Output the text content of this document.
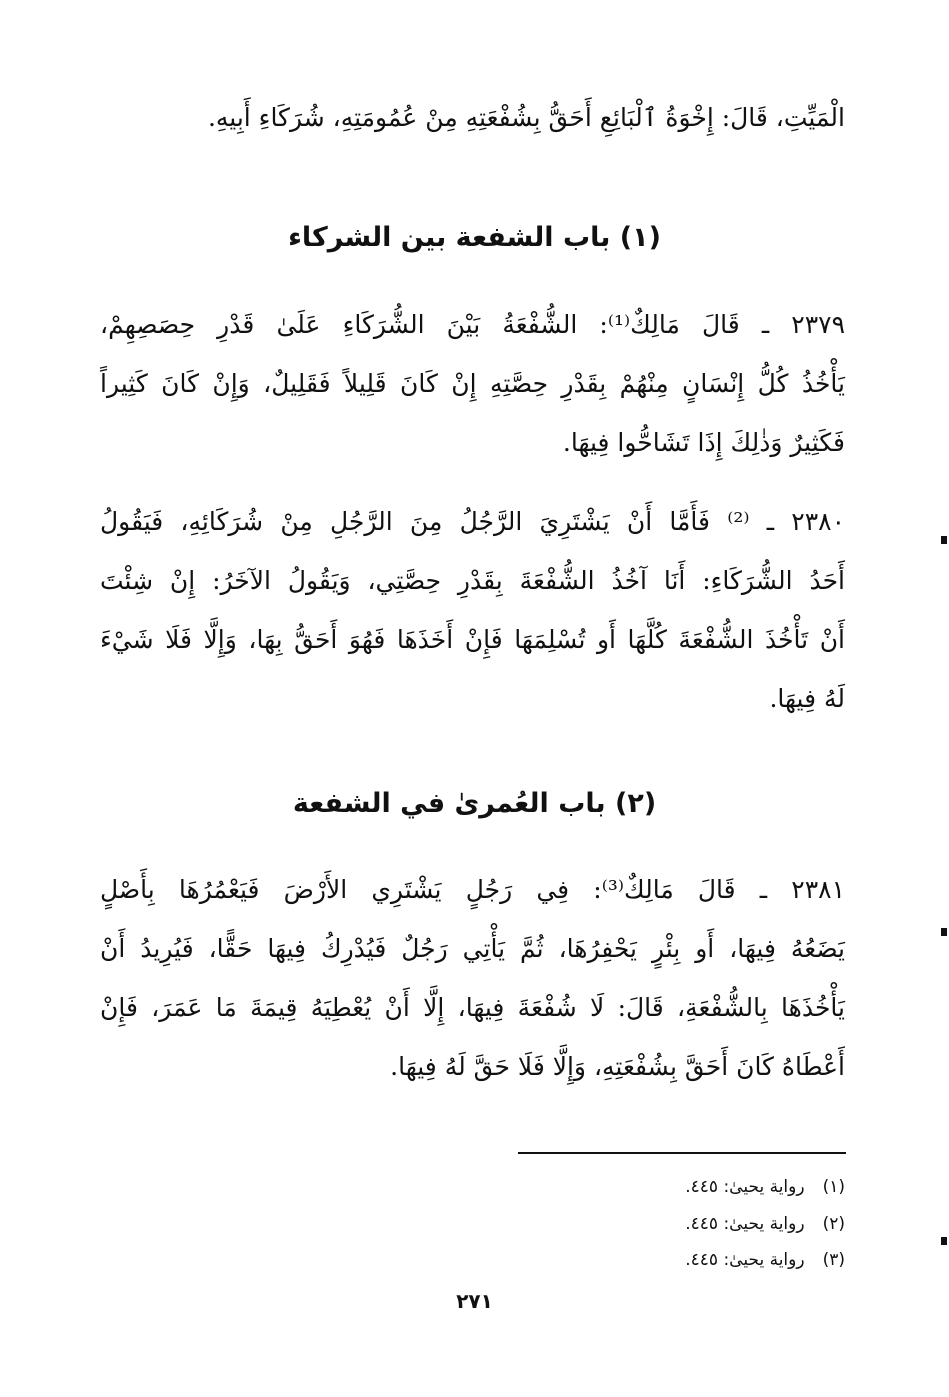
الْمَيِّتِ، قَالَ: إِخْوَةُ ٱلْبَائِعِ أَحَقُّ بِشُفْعَتِهِ مِنْ عُمُومَتِهِ، شُرَكَاءِ أَبِيهِ.
(١) باب الشفعة بين الشركاء
٢٣٧٩ ـ قَالَ مَالِكٌ⁽¹⁾: الشُّفْعَةُ بَيْنَ الشُّرَكَاءِ عَلَىٰ قَدْرِ حِصَصِهِمْ،
يَأْخُذُ كُلُّ إِنْسَانٍ مِنْهُمْ بِقَدْرِ حِصَّتِهِ إِنْ كَانَ قَلِيلاً فَقَلِيلٌ، وَإِنْ كَانَ كَثِيراً
فَكَثِيرٌ وَذٰلِكَ إِذَا تَشَاحُّوا فِيهَا.
٢٣٨٠ ـ ⁽²⁾ فَأَمَّا أَنْ يَشْتَرِيَ الرَّجُلُ مِنَ الرَّجُلِ مِنْ شُرَكَائِهِ، فَيَقُولُ
أَحَدُ الشُّرَكَاءِ: أَنَا آخُذُ الشُّفْعَةَ بِقَدْرِ حِصَّتِي، وَيَقُولُ الآخَرُ: إِنْ شِئْتَ
أَنْ تَأْخُذَ الشُّفْعَةَ كُلَّهَا أَو تُسْلِمَهَا فَإِنْ أَخَذَهَا فَهُوَ أَحَقُّ بِهَا، وَإِلَّا فَلَا شَيْءَ
لَهُ فِيهَا.
(٢) باب العُمرىٰ في الشفعة
٢٣٨١ ـ قَالَ مَالِكٌ⁽³⁾: فِي رَجُلٍ يَشْتَرِي الأَرْضَ فَيَعْمُرُهَا بِأَصْلٍ
يَضَعُهُ فِيهَا، أَو بِئْرٍ يَحْفِرُهَا، ثُمَّ يَأْتِي رَجُلٌ فَيُدْرِكُ فِيهَا حَقًّا، فَيُرِيدُ أَنْ
يَأْخُذَهَا بِالشُّفْعَةِ، قَالَ: لَا شُفْعَةَ فِيهَا، إِلَّا أَنْ يُعْطِيَهُ قِيمَةَ مَا عَمَرَ، فَإِنْ
أَعْطَاهُ كَانَ أَحَقَّ بِشُفْعَتِهِ، وَإِلَّا فَلَا حَقَّ لَهُ فِيهَا.
(١)رواية يحيىٰ: ٤٤٥.
(٢)رواية يحيىٰ: ٤٤٥.
(٣)رواية يحيىٰ: ٤٤٥.
٢٧١
